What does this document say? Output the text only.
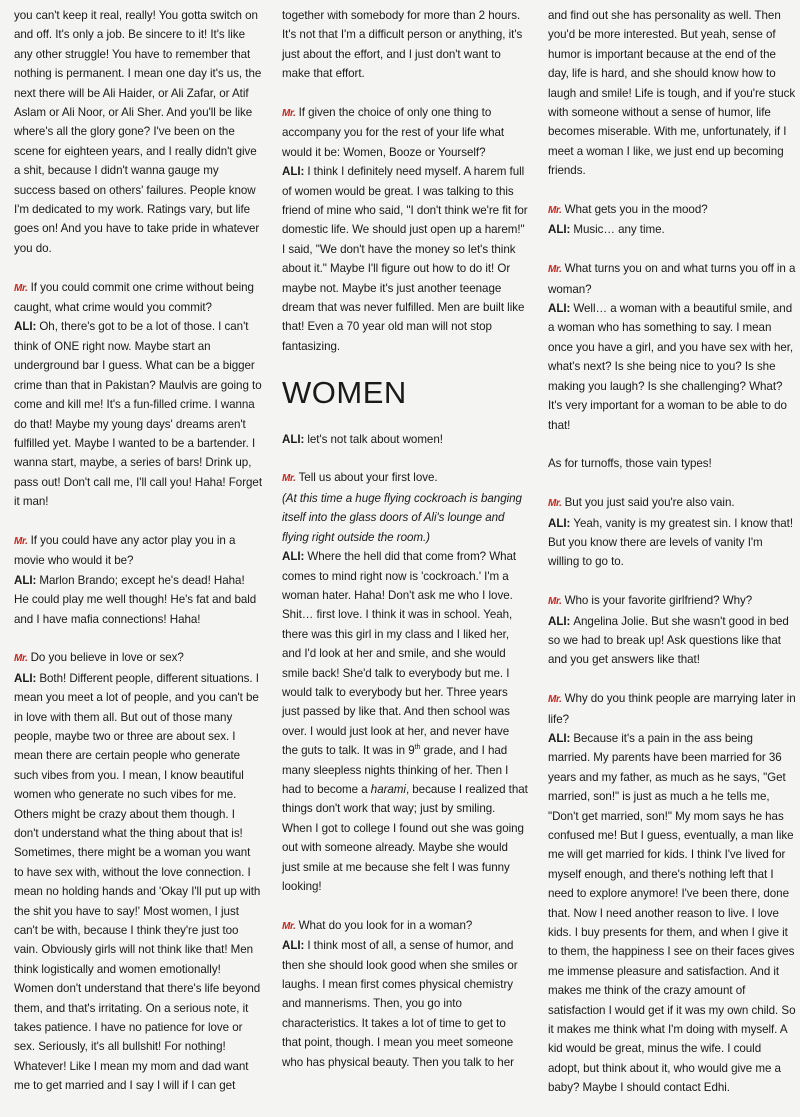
you can't keep it real, really! You gotta switch on and off. It's only a job. Be sincere to it! It's like any other struggle! You have to remember that nothing is permanent. I mean one day it's us, the next there will be Ali Haider, or Ali Zafar, or Atif Aslam or Ali Noor, or Ali Sher. And you'll be like where's all the glory gone? I've been on the scene for eighteen years, and I really didn't give a shit, because I didn't wanna gauge my success based on others' failures. People know I'm dedicated to my work. Ratings vary, but life goes on! And you have to take pride in whatever you do.

Mr. If you could commit one crime without being caught, what crime would you commit?

ALI: Oh, there's got to be a lot of those. I can't think of ONE right now. Maybe start an underground bar I guess. What can be a bigger crime than that in Pakistan? Maulvis are going to come and kill me! It's a fun-filled crime. I wanna do that! Maybe my young days' dreams aren't fulfilled yet. Maybe I wanted to be a bartender. I wanna start, maybe, a series of bars! Drink up, pass out! Don't call me, I'll call you! Haha! Forget it man!

Mr. If you could have any actor play you in a movie who would it be?

ALI: Marlon Brando; except he's dead! Haha! He could play me well though! He's fat and bald and I have mafia connections! Haha!

Mr. Do you believe in love or sex?

ALI: Both! Different people, different situations. I mean you meet a lot of people, and you can't be in love with them all. But out of those many people, maybe two or three are about sex. I mean there are certain people who generate such vibes from you. I mean, I know beautiful women who generate no such vibes for me. Others might be crazy about them though. I don't understand what the thing about that is! Sometimes, there might be a woman you want to have sex with, without the love connection. I mean no holding hands and 'Okay I'll put up with the shit you have to say!' Most women, I just can't be with, because I think they're just too vain. Obviously girls will not think like that! Men think logistically and women emotionally! Women don't understand that there's life beyond them, and that's irritating. On a serious note, it takes patience. I have no patience for love or sex. Seriously, it's all bullshit! For nothing! Whatever! Like I mean my mom and dad want me to get married and I say I will if I can get

together with somebody for more than 2 hours. It's not that I'm a difficult person or anything, it's just about the effort, and I just don't want to make that effort.

Mr. If given the choice of only one thing to accompany you for the rest of your life what would it be: Women, Booze or Yourself?

ALI: I think I definitely need myself. A harem full of women would be great. I was talking to this friend of mine who said, "I don't think we're fit for domestic life. We should just open up a harem!" I said, "We don't have the money so let's think about it." Maybe I'll figure out how to do it! Or maybe not. Maybe it's just another teenage dream that was never fulfilled. Men are built like that! Even a 70 year old man will not stop fantasizing.

WOMEN

ALI: let's not talk about women!

Mr. Tell us about your first love.

(At this time a huge flying cockroach is banging itself into the glass doors of Ali's lounge and flying right outside the room.)

ALI: Where the hell did that come from? What comes to mind right now is 'cockroach.' I'm a woman hater. Haha! Don't ask me who I love. Shit… first love. I think it was in school. Yeah, there was this girl in my class and I liked her, and I'd look at her and smile, and she would smile back! She'd talk to everybody but me. I would talk to everybody but her. Three years just passed by like that. And then school was over. I would just look at her, and never have the guts to talk. It was in 9th grade, and I had many sleepless nights thinking of her. Then I had to become a harami, because I realized that things don't work that way; just by smiling. When I got to college I found out she was going out with someone already. Maybe she would just smile at me because she felt I was funny looking!

Mr. What do you look for in a woman?

ALI: I think most of all, a sense of humor, and then she should look good when she smiles or laughs. I mean first comes physical chemistry and mannerisms. Then, you go into characteristics. It takes a lot of time to get to that point, though. I mean you meet someone who has physical beauty. Then you talk to her

and find out she has personality as well. Then you'd be more interested. But yeah, sense of humor is important because at the end of the day, life is hard, and she should know how to laugh and smile! Life is tough, and if you're stuck with someone without a sense of humor, life becomes miserable. With me, unfortunately, if I meet a woman I like, we just end up becoming friends.

Mr. What gets you in the mood?

ALI: Music… any time.

Mr. What turns you on and what turns you off in a woman?

ALI: Well… a woman with a beautiful smile, and a woman who has something to say. I mean once you have a girl, and you have sex with her, what's next? Is she being nice to you? Is she making you laugh? Is she challenging? What? It's very important for a woman to be able to do that!

As for turnoffs, those vain types!

Mr. But you just said you're also vain.

ALI: Yeah, vanity is my greatest sin. I know that! But you know there are levels of vanity I'm willing to go to.

Mr. Who is your favorite girlfriend? Why?

ALI: Angelina Jolie. But she wasn't good in bed so we had to break up! Ask questions like that and you get answers like that!

Mr. Why do you think people are marrying later in life?

ALI: Because it's a pain in the ass being married. My parents have been married for 36 years and my father, as much as he says, "Get married, son!" is just as much a he tells me, "Don't get married, son!" My mom says he has confused me! But I guess, eventually, a man like me will get married for kids. I think I've lived for myself enough, and there's nothing left that I need to explore anymore! I've been there, done that. Now I need another reason to live. I love kids. I buy presents for them, and when I give it to them, the happiness I see on their faces gives me immense pleasure and satisfaction. And it makes me think of the crazy amount of satisfaction I would get if it was my own child. So it makes me think what I'm doing with myself. A kid would be great, minus the wife. I could adopt, but think about it, who would give me a baby? Maybe I should contact Edhi.
